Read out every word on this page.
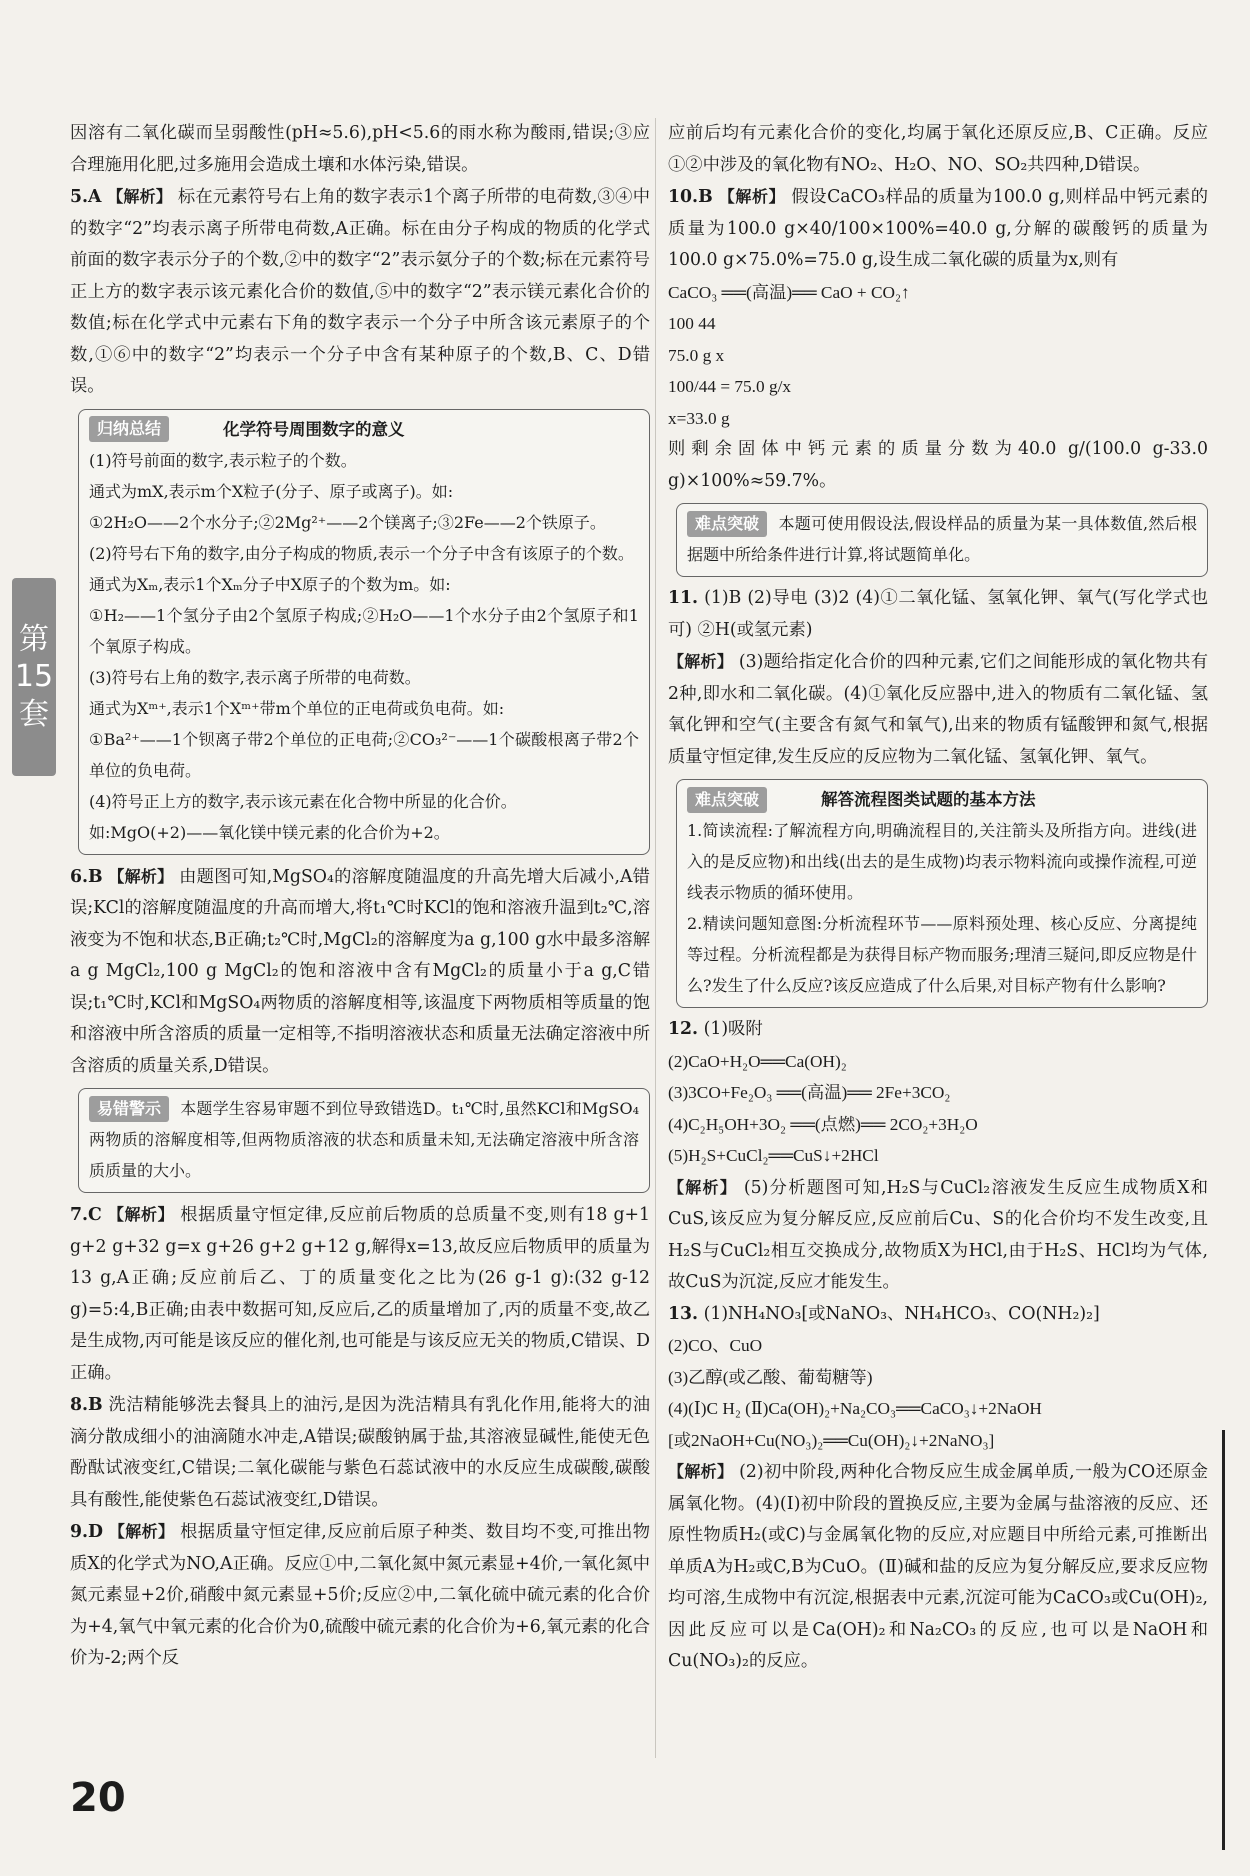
第
15
套

因溶有二氧化碳而呈弱酸性(pH≈5.6),pH<5.6的雨水称为酸雨,错误;③应合理施用化肥,过多施用会造成土壤和水体污染,错误。

5.A 【解析】 标在元素符号右上角的数字表示1个离子所带的电荷数,③④中的数字“2”均表示离子所带电荷数,A正确。标在由分子构成的物质的化学式前面的数字表示分子的个数,②中的数字“2”表示氨分子的个数;标在元素符号正上方的数字表示该元素化合价的数值,⑤中的数字“2”表示镁元素化合价的数值;标在化学式中元素右下角的数字表示一个分子中所含该元素原子的个数,①⑥中的数字“2”均表示一个分子中含有某种原子的个数,B、C、D错误。

归纳总结	化学符号周围数字的意义

(1)符号前面的数字,表示粒子的个数。

通式为mX,表示m个X粒子(分子、原子或离子)。如:

①2H₂O——2个水分子;②2Mg²⁺——2个镁离子;③2Fe——2个铁原子。

(2)符号右下角的数字,由分子构成的物质,表示一个分子中含有该原子的个数。

通式为Xₘ,表示1个Xₘ分子中X原子的个数为m。如:

①H₂——1个氢分子由2个氢原子构成;②H₂O——1个水分子由2个氢原子和1个氧原子构成。

(3)符号右上角的数字,表示离子所带的电荷数。

通式为Xᵐ⁺,表示1个Xᵐ⁺带m个单位的正电荷或负电荷。如:

①Ba²⁺——1个钡离子带2个单位的正电荷;②CO₃²⁻——1个碳酸根离子带2个单位的负电荷。

(4)符号正上方的数字,表示该元素在化合物中所显的化合价。

如:MgO(+2)——氧化镁中镁元素的化合价为+2。

6.B 【解析】 由题图可知,MgSO₄的溶解度随温度的升高先增大后减小,A错误;KCl的溶解度随温度的升高而增大,将t₁℃时KCl的饱和溶液升温到t₂℃,溶液变为不饱和状态,B正确;t₂℃时,MgCl₂的溶解度为a g,100 g水中最多溶解a g MgCl₂,100 g MgCl₂的饱和溶液中含有MgCl₂的质量小于a g,C错误;t₁℃时,KCl和MgSO₄两物质的溶解度相等,该温度下两物质相等质量的饱和溶液中所含溶质的质量一定相等,不指明溶液状态和质量无法确定溶液中所含溶质的质量关系,D错误。

易错警示 本题学生容易审题不到位导致错选D。t₁℃时,虽然KCl和MgSO₄两物质的溶解度相等,但两物质溶液的状态和质量未知,无法确定溶液中所含溶质质量的大小。

7.C 【解析】 根据质量守恒定律,反应前后物质的总质量不变,则有18 g+1 g+2 g+32 g=x g+26 g+2 g+12 g,解得x=13,故反应后物质甲的质量为13 g,A正确;反应前后乙、丁的质量变化之比为(26 g-1 g):(32 g-12 g)=5:4,B正确;由表中数据可知,反应后,乙的质量增加了,丙的质量不变,故乙是生成物,丙可能是该反应的催化剂,也可能是与该反应无关的物质,C错误、D正确。

8.B 洗洁精能够洗去餐具上的油污,是因为洗洁精具有乳化作用,能将大的油滴分散成细小的油滴随水冲走,A错误;碳酸钠属于盐,其溶液显碱性,能使无色酚酞试液变红,C错误;二氧化碳能与紫色石蕊试液中的水反应生成碳酸,碳酸具有酸性,能使紫色石蕊试液变红,D错误。

9.D 【解析】 根据质量守恒定律,反应前后原子种类、数目均不变,可推出物质X的化学式为NO,A正确。反应①中,二氧化氮中氮元素显+4价,一氧化氮中氮元素显+2价,硝酸中氮元素显+5价;反应②中,二氧化硫中硫元素的化合价为+4,氧气中氧元素的化合价为0,硫酸中硫元素的化合价为+6,氧元素的化合价为-2;两个反

应前后均有元素化合价的变化,均属于氧化还原反应,B、C正确。反应①②中涉及的氧化物有NO₂、H₂O、NO、SO₂共四种,D错误。

10.B 【解析】 假设CaCO₃样品的质量为100.0 g,则样品中钙元素的质量为100.0 g×40/100×100%=40.0 g,分解的碳酸钙的质量为100.0 g×75.0%=75.0 g,设生成二氧化碳的质量为x,则有

CaCO₃ ══(高温)══ CaO + CO₂↑

100 44

75.0 g x

100/44 = 75.0 g/x

x=33.0 g

则剩余固体中钙元素的质量分数为40.0 g/(100.0 g-33.0 g)×100%≈59.7%。

难点突破 本题可使用假设法,假设样品的质量为某一具体数值,然后根据题中所给条件进行计算,将试题简单化。

11. (1)B (2)导电 (3)2 (4)①二氧化锰、氢氧化钾、氧气(写化学式也可) ②H(或氢元素)

【解析】 (3)题给指定化合价的四种元素,它们之间能形成的氧化物共有2种,即水和二氧化碳。(4)①氧化反应器中,进入的物质有二氧化锰、氢氧化钾和空气(主要含有氮气和氧气),出来的物质有锰酸钾和氮气,根据质量守恒定律,发生反应的反应物为二氧化锰、氢氧化钾、氧气。

难点突破	解答流程图类试题的基本方法

1.简读流程:了解流程方向,明确流程目的,关注箭头及所指方向。进线(进入的是反应物)和出线(出去的是生成物)均表示物料流向或操作流程,可逆线表示物质的循环使用。

2.精读问题知意图:分析流程环节——原料预处理、核心反应、分离提纯等过程。分析流程都是为获得目标产物而服务;理清三疑问,即反应物是什么?发生了什么反应?该反应造成了什么后果,对目标产物有什么影响?

12. (1)吸附

(2)CaO+H₂O══Ca(OH)₂

(3)3CO+Fe₂O₃ ══(高温)══ 2Fe+3CO₂

(4)C₂H₅OH+3O₂ ══(点燃)══ 2CO₂+3H₂O

(5)H₂S+CuCl₂══CuS↓+2HCl

【解析】 (5)分析题图可知,H₂S与CuCl₂溶液发生反应生成物质X和CuS,该反应为复分解反应,反应前后Cu、S的化合价均不发生改变,且H₂S与CuCl₂相互交换成分,故物质X为HCl,由于H₂S、HCl均为气体,故CuS为沉淀,反应才能发生。

13. (1)NH₄NO₃[或NaNO₃、NH₄HCO₃、CO(NH₂)₂]

(2)CO、CuO

(3)乙醇(或乙酸、葡萄糖等)

(4)(Ⅰ)C H₂ (Ⅱ)Ca(OH)₂+Na₂CO₃══CaCO₃↓+2NaOH

[或2NaOH+Cu(NO₃)₂══Cu(OH)₂↓+2NaNO₃]

【解析】 (2)初中阶段,两种化合物反应生成金属单质,一般为CO还原金属氧化物。(4)(Ⅰ)初中阶段的置换反应,主要为金属与盐溶液的反应、还原性物质H₂(或C)与金属氧化物的反应,对应题目中所给元素,可推断出单质A为H₂或C,B为CuO。(Ⅱ)碱和盐的反应为复分解反应,要求反应物均可溶,生成物中有沉淀,根据表中元素,沉淀可能为CaCO₃或Cu(OH)₂,因此反应可以是Ca(OH)₂和Na₂CO₃的反应,也可以是NaOH和Cu(NO₃)₂的反应。

20
